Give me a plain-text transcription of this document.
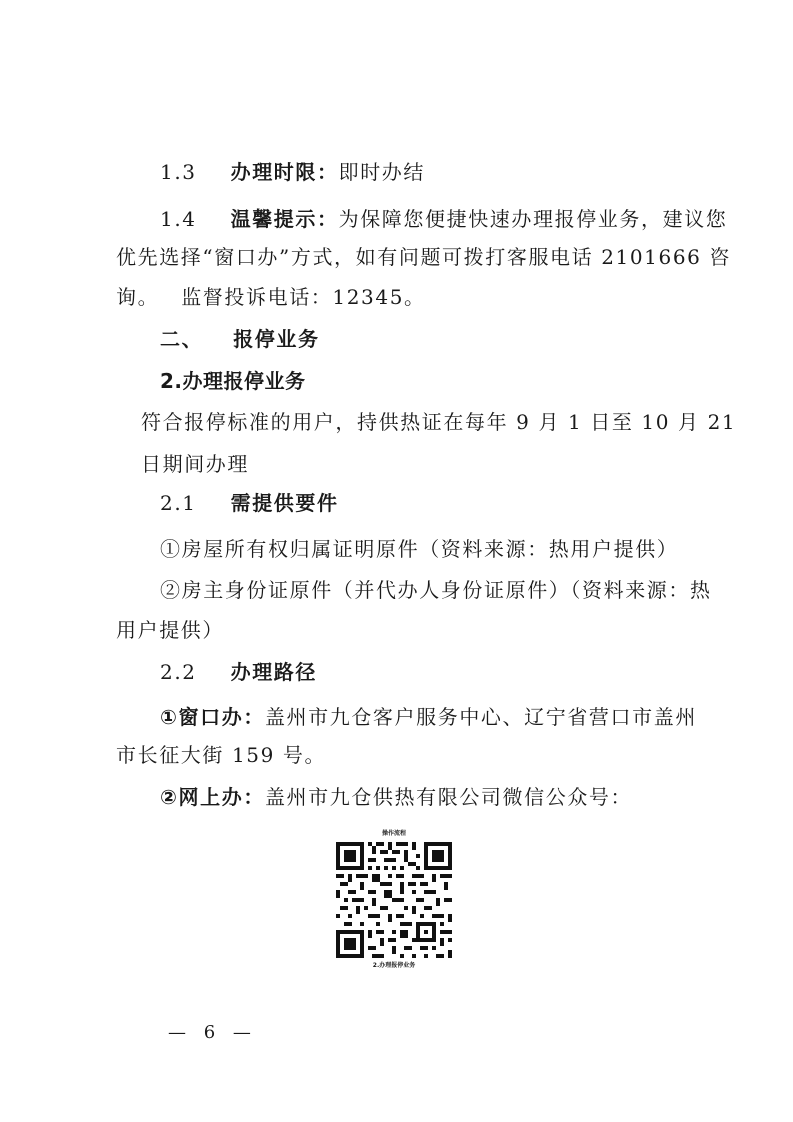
1.3 办理时限：即时办结
1.4 温馨提示：为保障您便捷快速办理报停业务，建议您
优先选择“窗口办”方式，如有问题可拨打客服电话 2101666 咨
询。 监督投诉电话：12345。
二、 报停业务
2.办理报停业务
符合报停标准的用户，持供热证在每年 9 月 1 日至 10 月 21
日期间办理
2.1 需提供要件
①房屋所有权归属证明原件（资料来源：热用户提供）
②房主身份证原件（并代办人身份证原件）（资料来源：热
用户提供）
2.2 办理路径
①窗口办：盖州市九仓客户服务中心、辽宁省营口市盖州
市长征大街 159 号。
②网上办：盖州市九仓供热有限公司微信公众号：
操作流程
2.办理报停业务
— 6 —
